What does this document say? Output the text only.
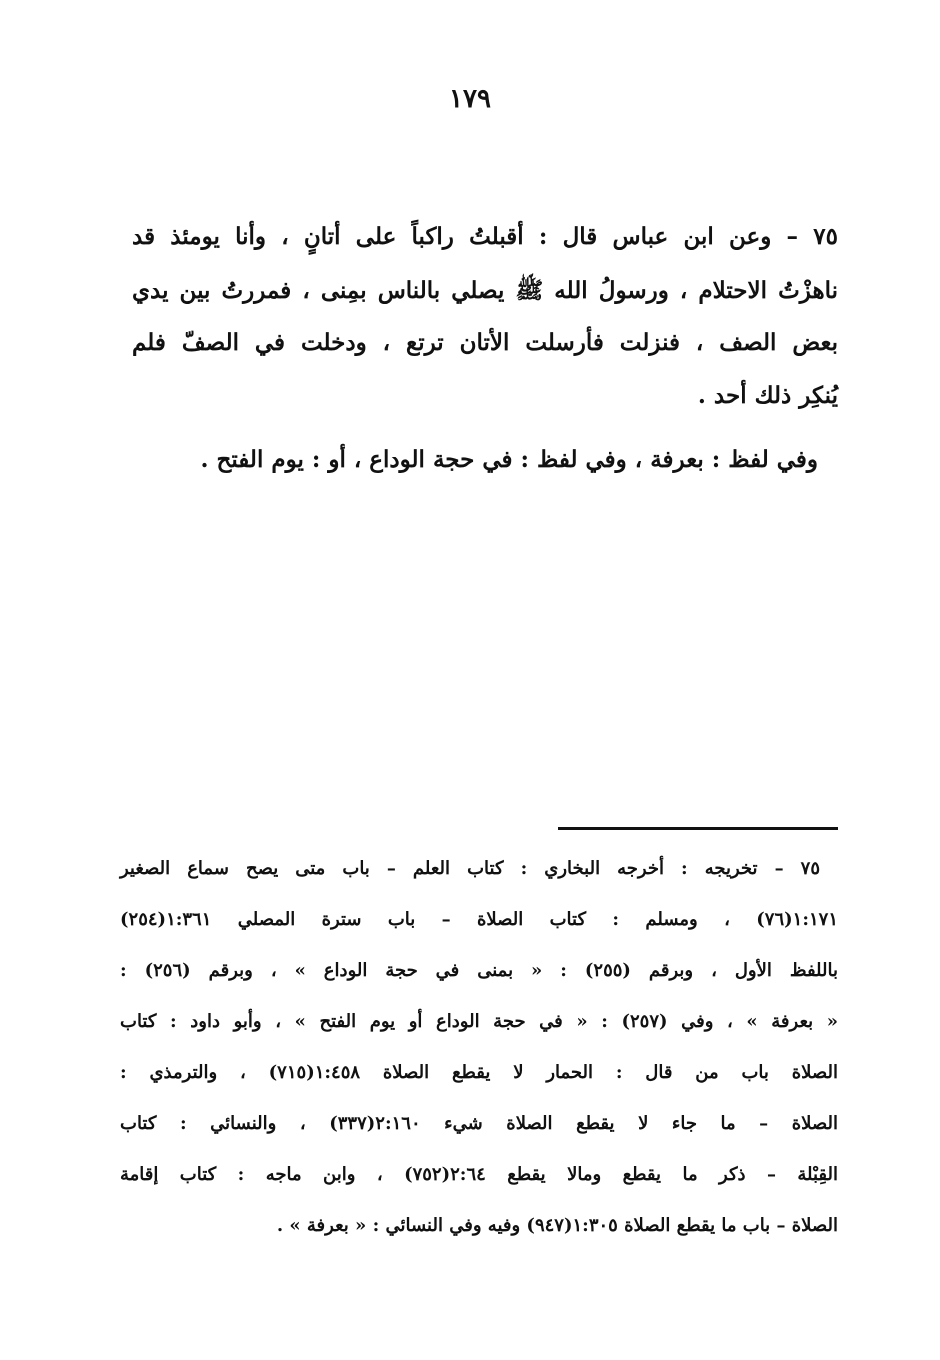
١٧٩

٧٥ – وعن ابن عباس قال : أقبلتُ راكباً على أتانٍ ، وأنا يومئذ قد

ناهزْتُ الاحتلام ، ورسولُ الله ﷺ يصلي بالناس بمِنى ، فمررتُ بين يدي

بعض الصف ، فنزلت فأرسلت الأتان ترتع ، ودخلت في الصفّ فلم

يُنكِر ذلك أحد .

وفي لفظ : بعرفة ، وفي لفظ : في حجة الوداع ، أو : يوم الفتح .

٧٥ – تخريجه : أخرجه البخاري : كتاب العلم – باب متى يصح سماع الصغير

١:١٧١(٧٦) ، ومسلم : كتاب الصلاة – باب سترة المصلي ١:٣٦١(٢٥٤)

باللفظ الأول ، وبرقم (٢٥٥) : « بمنى في حجة الوداع » ، وبرقم (٢٥٦) :

« بعرفة » ، وفي (٢٥٧) : « في حجة الوداع أو يوم الفتح » ، وأبو داود : كتاب

الصلاة باب من قال : الحمار لا يقطع الصلاة ١:٤٥٨(٧١٥) ، والترمذي :

الصلاة – ما جاء لا يقطع الصلاة شيء ٢:١٦٠(٣٣٧) ، والنسائي : كتاب

القِبْلة – ذكر ما يقطع ومالا يقطع ٢:٦٤(٧٥٢) ، وابن ماجه : كتاب إقامة

الصلاة – باب ما يقطع الصلاة ١:٣٠٥(٩٤٧) وفيه وفي النسائي : « بعرفة » .
